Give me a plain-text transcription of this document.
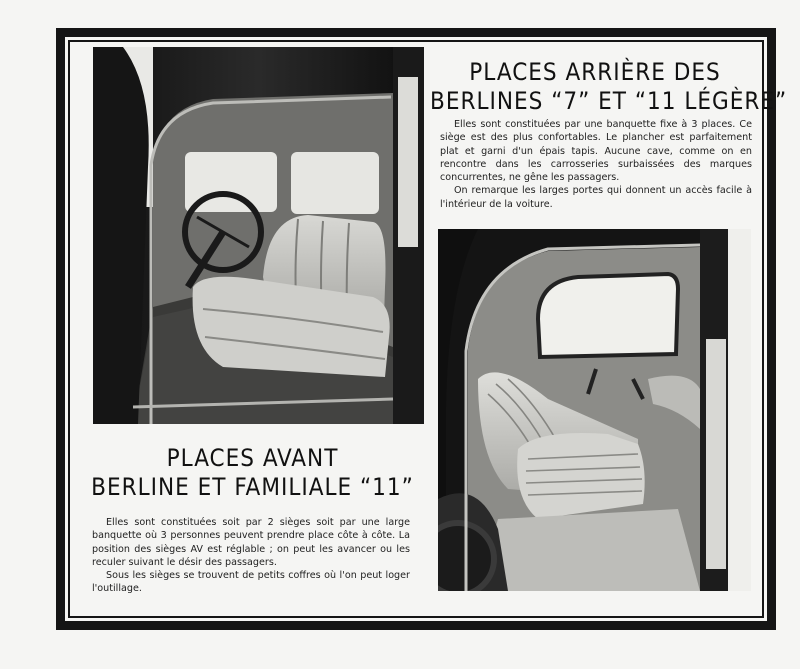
PLACES ARRIÈRE DES
BERLINES “7” ET “11 LÉGÈRE”

Elles sont constituées par une banquette fixe à 3 places. Ce siège est des plus confortables. Le plancher est parfaitement plat et garni d'un épais tapis. Aucune cave, comme on en rencontre dans les carrosseries surbaissées des marques concurrentes, ne gêne les passagers.

On remarque les larges portes qui donnent un accès facile à l'intérieur de la voiture.

PLACES AVANT
BERLINE ET FAMILIALE “11”

Elles sont constituées soit par 2 sièges soit par une large banquette où 3 personnes peuvent prendre place côte à côte. La position des sièges AV est réglable ; on peut les avancer ou les reculer suivant le désir des passagers.

Sous les sièges se trouvent de petits coffres où l'on peut loger l'outillage.
